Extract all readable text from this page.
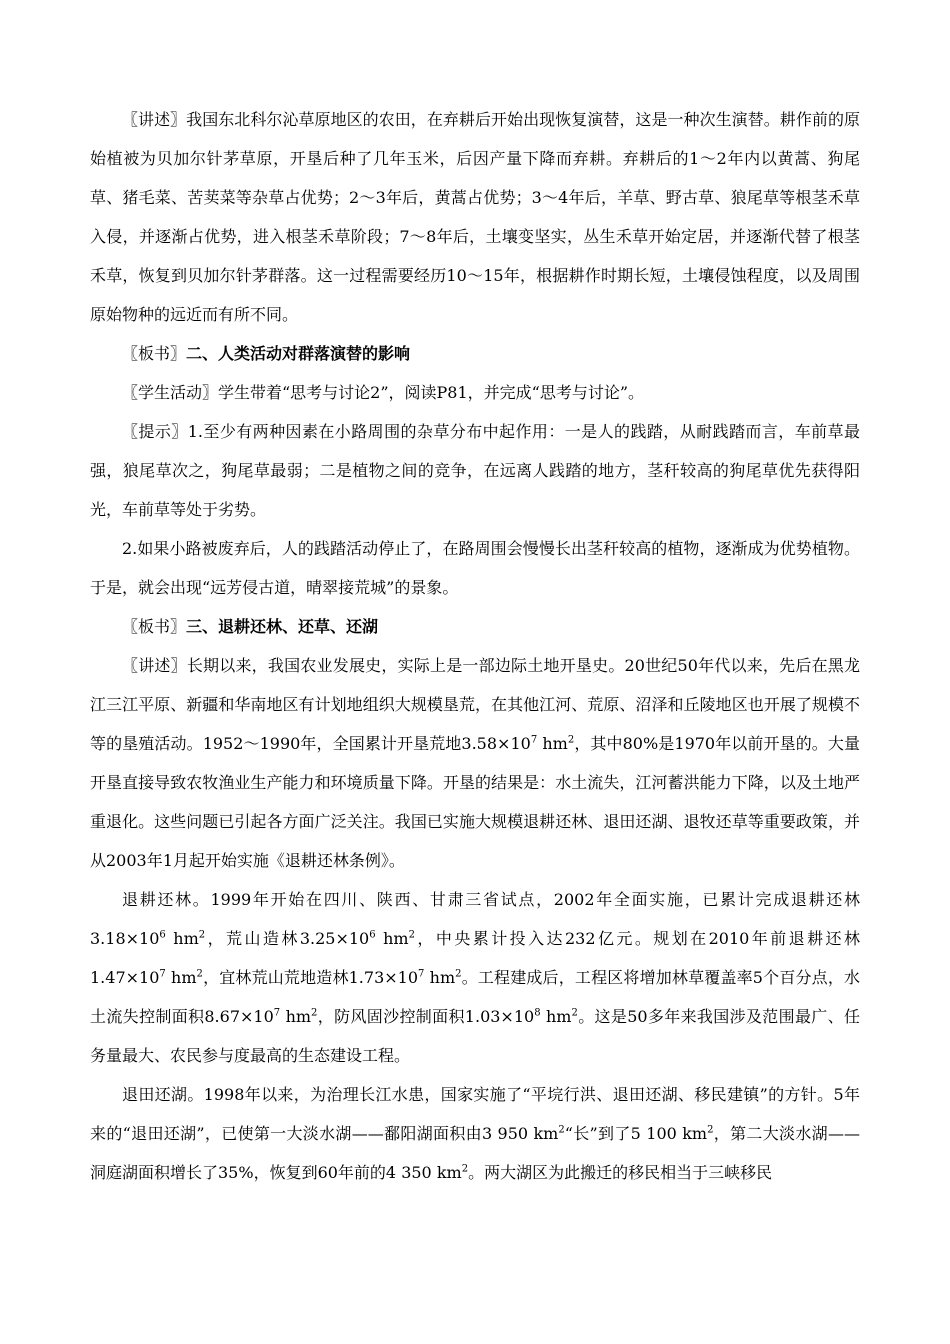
〖讲述〗我国东北科尔沁草原地区的农田，在弃耕后开始出现恢复演替，这是一种次生演替。耕作前的原始植被为贝加尔针茅草原，开垦后种了几年玉米，后因产量下降而弃耕。弃耕后的1～2年内以黄蒿、狗尾草、猪毛菜、苦荬菜等杂草占优势；2～3年后，黄蒿占优势；3～4年后，羊草、野古草、狼尾草等根茎禾草入侵，并逐渐占优势，进入根茎禾草阶段；7～8年后，土壤变坚实，丛生禾草开始定居，并逐渐代替了根茎禾草，恢复到贝加尔针茅群落。这一过程需要经历10～15年，根据耕作时期长短，土壤侵蚀程度，以及周围原始物种的远近而有所不同。

〖板书〗二、人类活动对群落演替的影响

〖学生活动〗学生带着“思考与讨论2”，阅读P81，并完成“思考与讨论”。

〖提示〗1.至少有两种因素在小路周围的杂草分布中起作用：一是人的践踏，从耐践踏而言，车前草最强，狼尾草次之，狗尾草最弱；二是植物之间的竞争，在远离人践踏的地方，茎秆较高的狗尾草优先获得阳光，车前草等处于劣势。

2.如果小路被废弃后，人的践踏活动停止了，在路周围会慢慢长出茎秆较高的植物，逐渐成为优势植物。于是，就会出现“远芳侵古道，晴翠接荒城”的景象。

〖板书〗三、退耕还林、还草、还湖

〖讲述〗长期以来，我国农业发展史，实际上是一部边际土地开垦史。20世纪50年代以来，先后在黑龙江三江平原、新疆和华南地区有计划地组织大规模垦荒，在其他江河、荒原、沼泽和丘陵地区也开展了规模不等的垦殖活动。1952～1990年，全国累计开垦荒地$3.58\times 10^7$ $hm^2$，其中80%是1970年以前开垦的。大量开垦直接导致农牧渔业生产能力和环境质量下降。开垦的结果是：水土流失，江河蓄洪能力下降，以及土地严重退化。这些问题已引起各方面广泛关注。我国已实施大规模退耕还林、退田还湖、退牧还草等重要政策，并从2003年1月起开始实施《退耕还林条例》。

退耕还林。1999年开始在四川、陕西、甘肃三省试点，2002年全面实施，已累计完成退耕还林$3.18\times 10^6$ $hm^2$，荒山造林$3.25\times 10^6$ $hm^2$，中央累计投入达232亿元。规划在2010年前退耕还林$1.47\times 10^7$ $hm^2$，宜林荒山荒地造林$1.73\times 10^7$ $hm^2$。工程建成后，工程区将增加林草覆盖率5个百分点，水土流失控制面积$8.67\times 10^7$ $hm^2$，防风固沙控制面积$1.03\times 10^8$ $hm^2$。这是50多年来我国涉及范围最广、任务量最大、农民参与度最高的生态建设工程。

退田还湖。1998年以来，为治理长江水患，国家实施了“平垸行洪、退田还湖、移民建镇”的方针。5年来的“退田还湖”，已使第一大淡水湖——鄱阳湖面积由3 950 $km^2“$长”到了5 100 $km^2$，第二大淡水湖——洞庭湖面积增长了35%，恢复到60年前的4 350 $km^2$。两大湖区为此搬迁的移民相当于三峡移民
